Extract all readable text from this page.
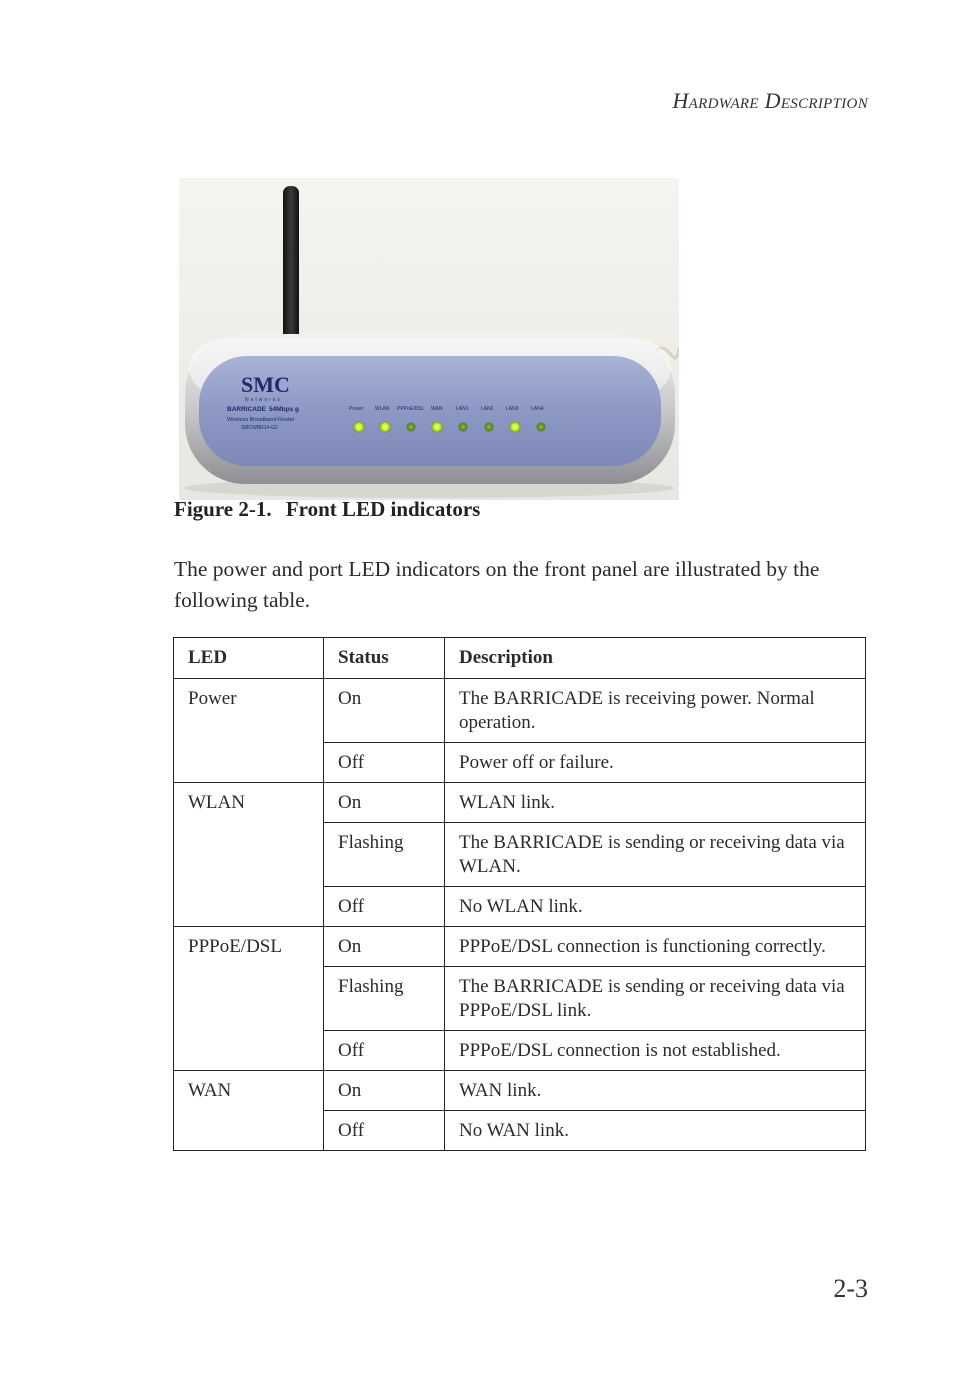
Hardware Description
SMC
Networks
BARRICADE 54Mbps g
Wireless Broadband Router
SMCWBR14-G2
Power WLAN PPPoE/DSL WAN	LAN1 LAN2 LAN3 LAN4
Figure 2-1. Front LED indicators
The power and port LED indicators on the front panel are illustrated by the following table.
LED	Status	Description
Power	On	The BARRICADE is receiving power. Normal operation.
	Off	Power off or failure.
WLAN	On	WLAN link.
	Flashing	The BARRICADE is sending or receiving data via WLAN.
	Off	No WLAN link.
PPPoE/DSL	On	PPPoE/DSL connection is functioning correctly.
	Flashing	The BARRICADE is sending or receiving data via PPPoE/DSL link.
	Off	PPPoE/DSL connection is not established.
WAN	On	WAN link.
	Off	No WAN link.
2-3
